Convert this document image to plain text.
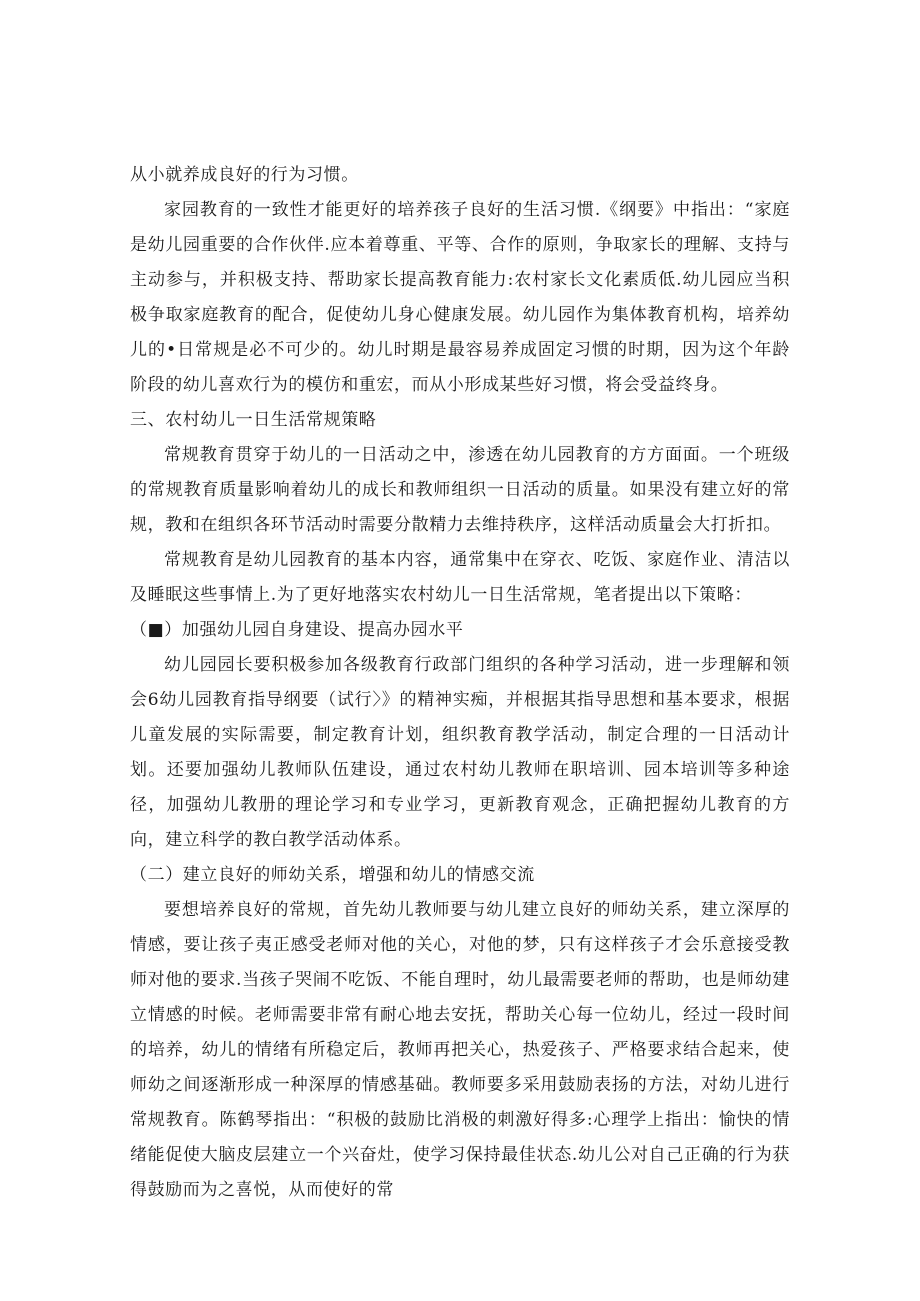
从小就养成良好的行为习惯。

家园教育的一致性才能更好的培养孩子良好的生活习惯.《纲要》中指出：“家庭是幼儿园重要的合作伙伴.应本着尊重、平等、合作的原则，争取家长的理解、支持与主动参与，并积极支持、帮助家长提高教育能力:农村家长文化素质低.幼儿园应当积极争取家庭教育的配合，促使幼儿身心健康发展。幼儿园作为集体教育机构，培养幼儿的•日常规是必不可少的。幼儿时期是最容易养成固定习惯的时期，因为这个年龄阶段的幼儿喜欢行为的模仿和重宏，而从小形成某些好习惯，将会受益终身。

三、农村幼儿一日生活常规策略

常规教育贯穿于幼儿的一日活动之中，渗透在幼儿园教育的方方面面。一个班级的常规教育质量影响着幼儿的成长和教师组织一日活动的质量。如果没有建立好的常规，教和在组织各环节活动时需要分散精力去维持秩序，这样活动质量会大打折扣。

常规教育是幼儿园教育的基本内容，通常集中在穿衣、吃饭、家庭作业、清洁以及睡眠这些事情上.为了更好地落实农村幼儿一日生活常规，笔者提出以下策略：

（■）加强幼儿园自身建设、提高办园水平

幼儿园园长要积极参加各级教育行政部门组织的各种学习活动，进一步理解和领会6幼儿园教育指导纲要（试行〉》的精神实痴，并根据其指导思想和基本要求，根据儿童发展的实际需要，制定教育计划，组织教育教学活动，制定合理的一日活动计划。还要加强幼儿教师队伍建设，通过农村幼儿教师在职培训、园本培训等多种途径，加强幼儿教册的理论学习和专业学习，更新教育观念，正确把握幼儿教育的方向，建立科学的教白教学活动体系。

（二）建立良好的师幼关系，增强和幼儿的情感交流

要想培养良好的常规，首先幼儿教师要与幼儿建立良好的师幼关系，建立深厚的情感，要让孩子夷正感受老师对他的关心，对他的梦，只有这样孩子才会乐意接受教师对他的要求.当孩子哭闹不吃饭、不能自理时，幼儿最需要老师的帮助，也是师幼建立情感的时候。老师需要非常有耐心地去安抚，帮助关心每一位幼儿，经过一段时间的培养，幼儿的情绪有所稳定后，教师再把关心，热爱孩子、严格要求结合起来，使师幼之间逐渐形成一种深厚的情感基础。教师要多采用鼓励表扬的方法，对幼儿进行常规教育。陈鹤琴指出：“积极的鼓励比消极的刺激好得多:心理学上指出：愉快的情绪能促使大脑皮层建立一个兴奋灶，使学习保持最佳状态.幼儿公对自己正确的行为获得鼓励而为之喜悦，从而使好的常
